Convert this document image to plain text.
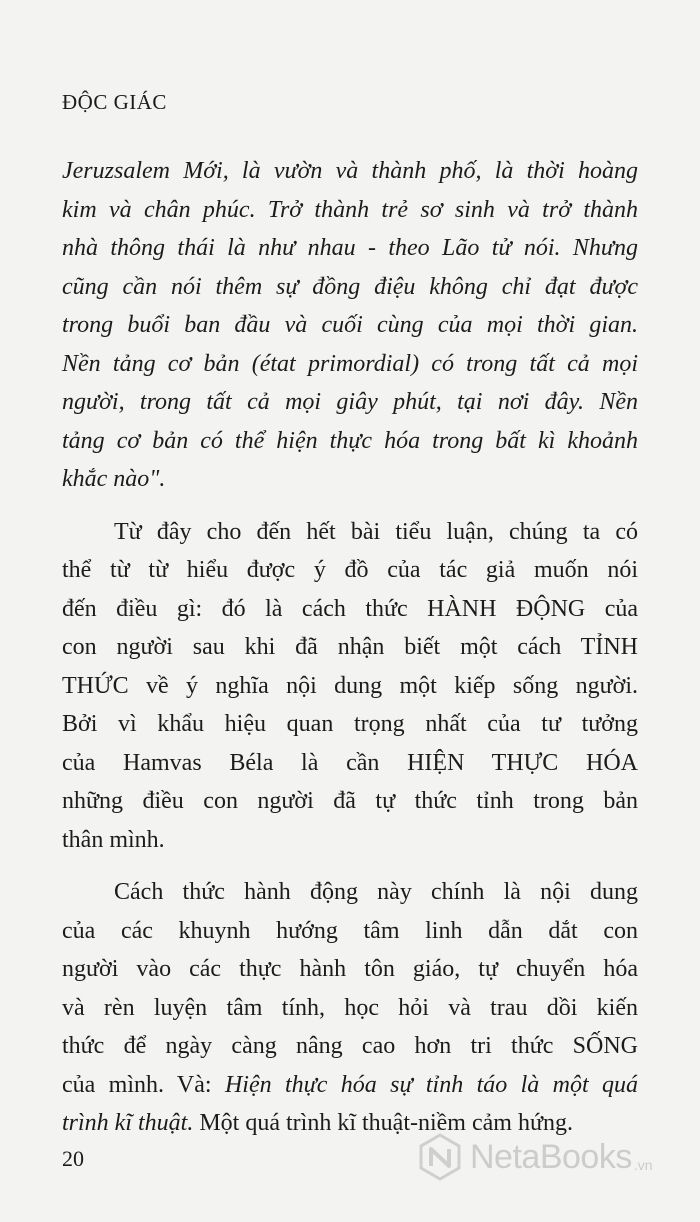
ĐỘC GIÁC
Jeruzsalem Mới, là vườn và thành phố, là thời hoàng
kim và chân phúc. Trở thành trẻ sơ sinh và trở thành
nhà thông thái là như nhau - theo Lão tử nói. Nhưng
cũng cần nói thêm sự đồng điệu không chỉ đạt được
trong buổi ban đầu và cuối cùng của mọi thời gian.
Nền tảng cơ bản (état primordial) có trong tất cả mọi
người, trong tất cả mọi giây phút, tại nơi đây. Nền
tảng cơ bản có thể hiện thực hóa trong bất kì khoảnh
khắc nào".
Từ đây cho đến hết bài tiểu luận, chúng ta có
thể từ từ hiểu được ý đồ của tác giả muốn nói
đến điều gì: đó là cách thức HÀNH ĐỘNG của
con người sau khi đã nhận biết một cách TỈNH
THỨC về ý nghĩa nội dung một kiếp sống người.
Bởi vì khẩu hiệu quan trọng nhất của tư tưởng
của Hamvas Béla là cần HIỆN THỰC HÓA
những điều con người đã tự thức tỉnh trong bản
thân mình.
Cách thức hành động này chính là nội dung
của các khuynh hướng tâm linh dẫn dắt con
người vào các thực hành tôn giáo, tự chuyển hóa
và rèn luyện tâm tính, học hỏi và trau dồi kiến
thức để ngày càng nâng cao hơn tri thức SỐNG
của mình. Và: Hiện thực hóa sự tỉnh táo là một quá
trình kĩ thuật. Một quá trình kĩ thuật-niềm cảm hứng.
20	NetaBooks .vn
